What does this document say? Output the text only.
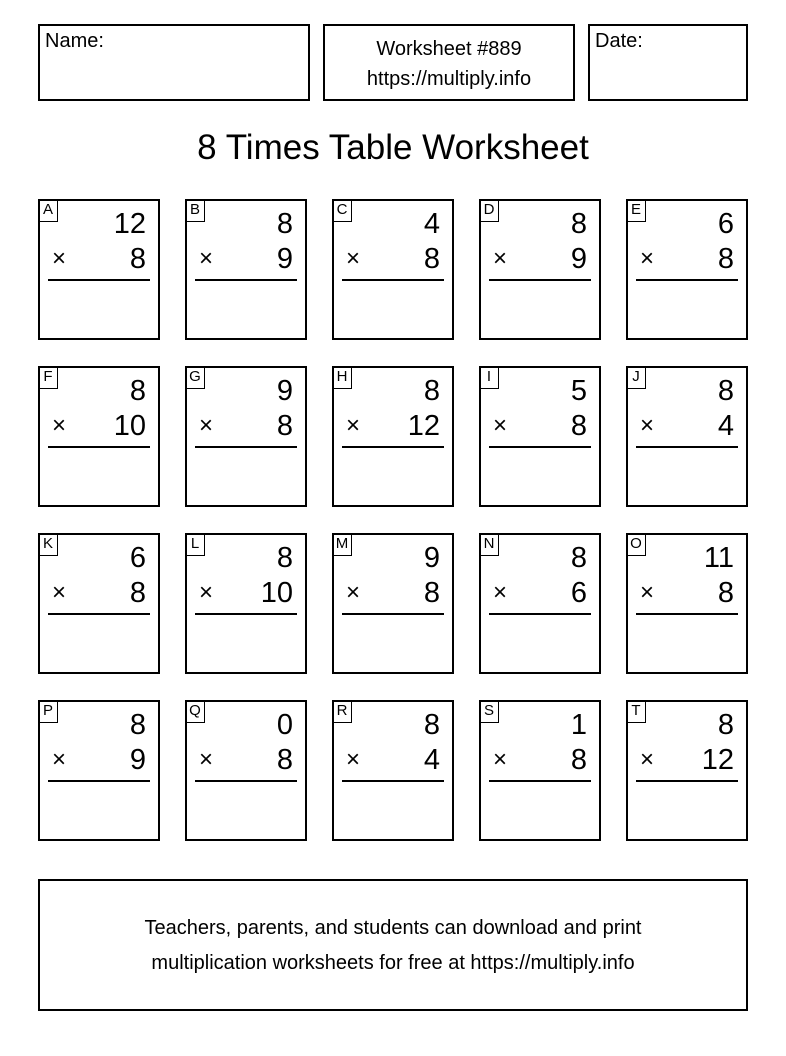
Name:	Worksheet #889
https://multiply.info
Date:
8 Times Table Worksheet
A 12
× 8
B	8
× 9
C	4
× 8
D	8
× 9
E	6
× 8
F	8
× 10
G	9
× 8
H	8
× 12
I	5
× 8
J	8
× 4
K	6
× 8
L	8
× 10
M	9
× 8
N	8
× 6
O 11
× 8
P	8
× 9
Q	0
× 8
R	8
× 4
S	1
× 8
T	8
× 12
Teachers, parents, and students can download and print
multiplication worksheets for free at https://multiply.info
